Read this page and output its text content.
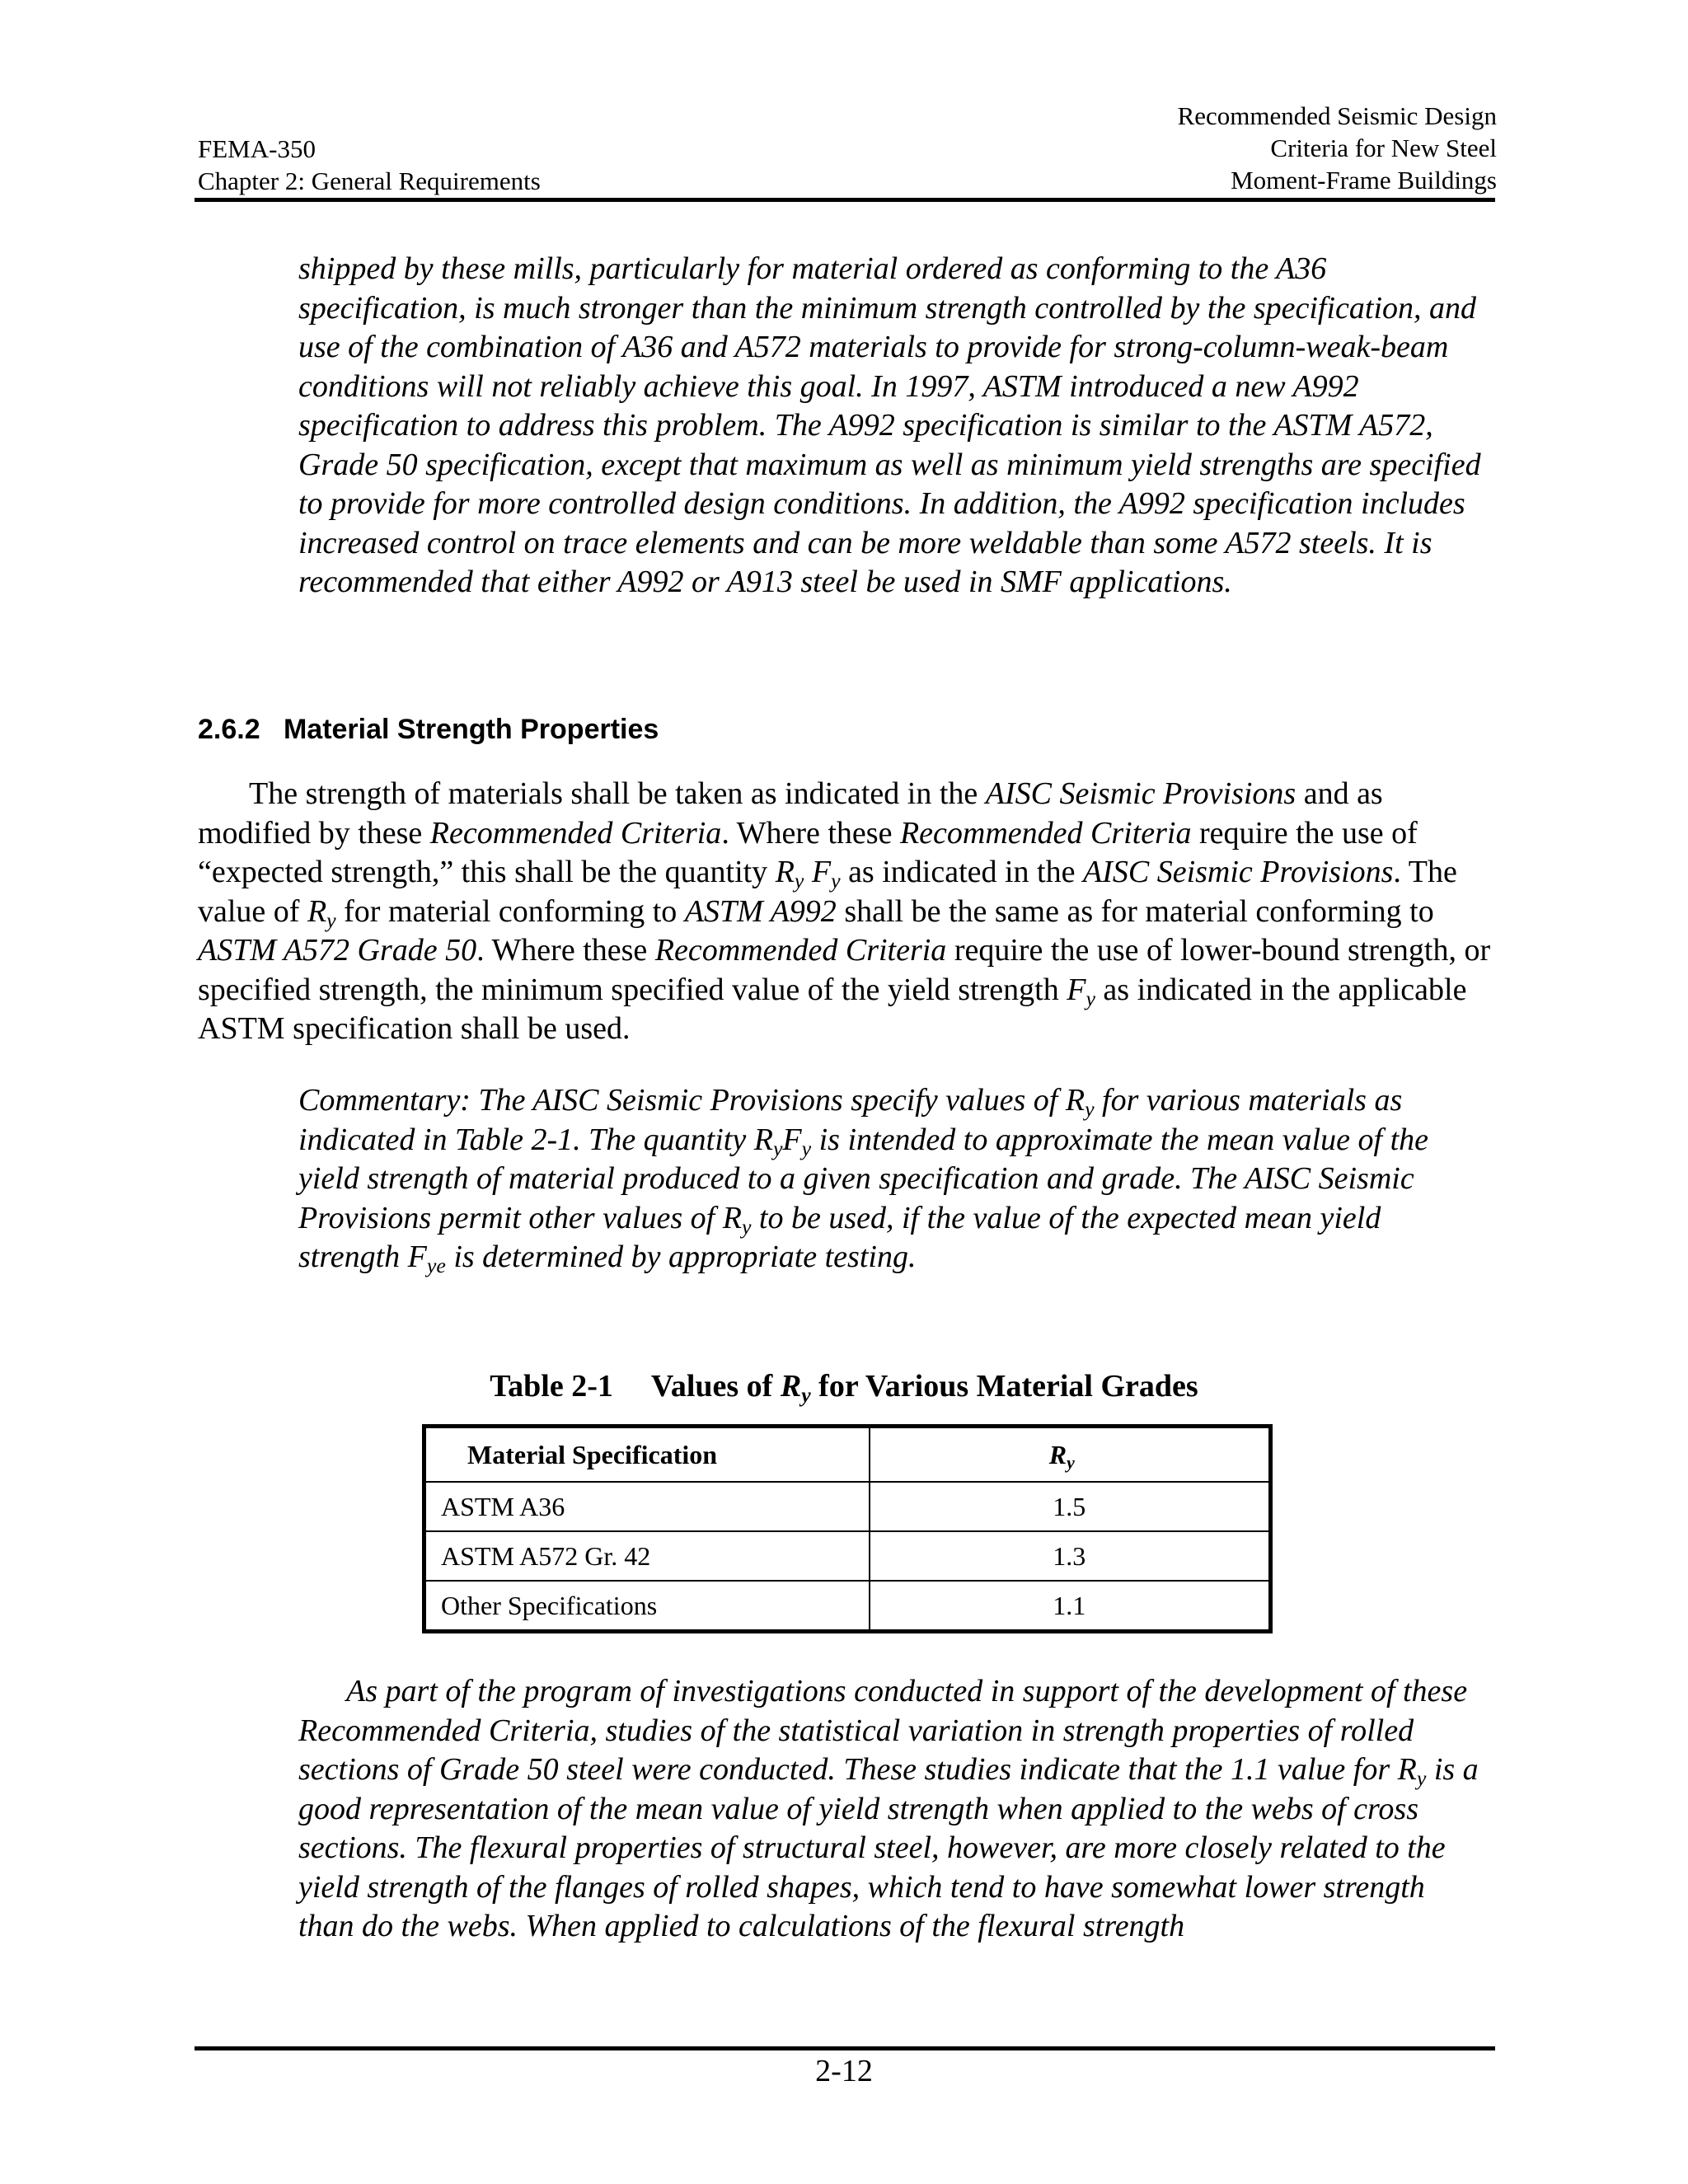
FEMA-350
Chapter 2: General Requirements
Recommended Seismic Design
Criteria for New Steel
Moment-Frame Buildings

shipped by these mills, particularly for material ordered as conforming to the A36 specification, is much stronger than the minimum strength controlled by the specification, and use of the combination of A36 and A572 materials to provide for strong-column-weak-beam conditions will not reliably achieve this goal. In 1997, ASTM introduced a new A992 specification to address this problem. The A992 specification is similar to the ASTM A572, Grade 50 specification, except that maximum as well as minimum yield strengths are specified to provide for more controlled design conditions. In addition, the A992 specification includes increased control on trace elements and can be more weldable than some A572 steels. It is recommended that either A992 or A913 steel be used in SMF applications.

2.6.2 Material Strength Properties

The strength of materials shall be taken as indicated in the AISC Seismic Provisions and as modified by these Recommended Criteria. Where these Recommended Criteria require the use of “expected strength,” this shall be the quantity $R_y$ $F_y$ as indicated in the AISC Seismic Provisions. The value of $R_y$ for material conforming to ASTM A992 shall be the same as for material conforming to ASTM A572 Grade 50. Where these Recommended Criteria require the use of lower-bound strength, or specified strength, the minimum specified value of the yield strength $F_y$ as indicated in the applicable ASTM specification shall be used.

Commentary: The AISC Seismic Provisions specify values of $R_y$ for various materials as indicated in Table 2-1. The quantity $R_yF_y$ is intended to approximate the mean value of the yield strength of material produced to a given specification and grade. The AISC Seismic Provisions permit other values of $R_y$ to be used, if the value of the expected mean yield strength $F_{ye}$ is determined by appropriate testing.

Table 2-1 Values of $R_y$ for Various Material Grades
Material Specification	$R_y$
ASTM A36	1.5
ASTM A572 Gr. 42	1.3
Other Specifications	1.1

As part of the program of investigations conducted in support of the development of these Recommended Criteria, studies of the statistical variation in strength properties of rolled sections of Grade 50 steel were conducted. These studies indicate that the 1.1 value for $R_y$ is a good representation of the mean value of yield strength when applied to the webs of cross sections. The flexural properties of structural steel, however, are more closely related to the yield strength of the flanges of rolled shapes, which tend to have somewhat lower strength than do the webs. When applied to calculations of the flexural strength

2-12
